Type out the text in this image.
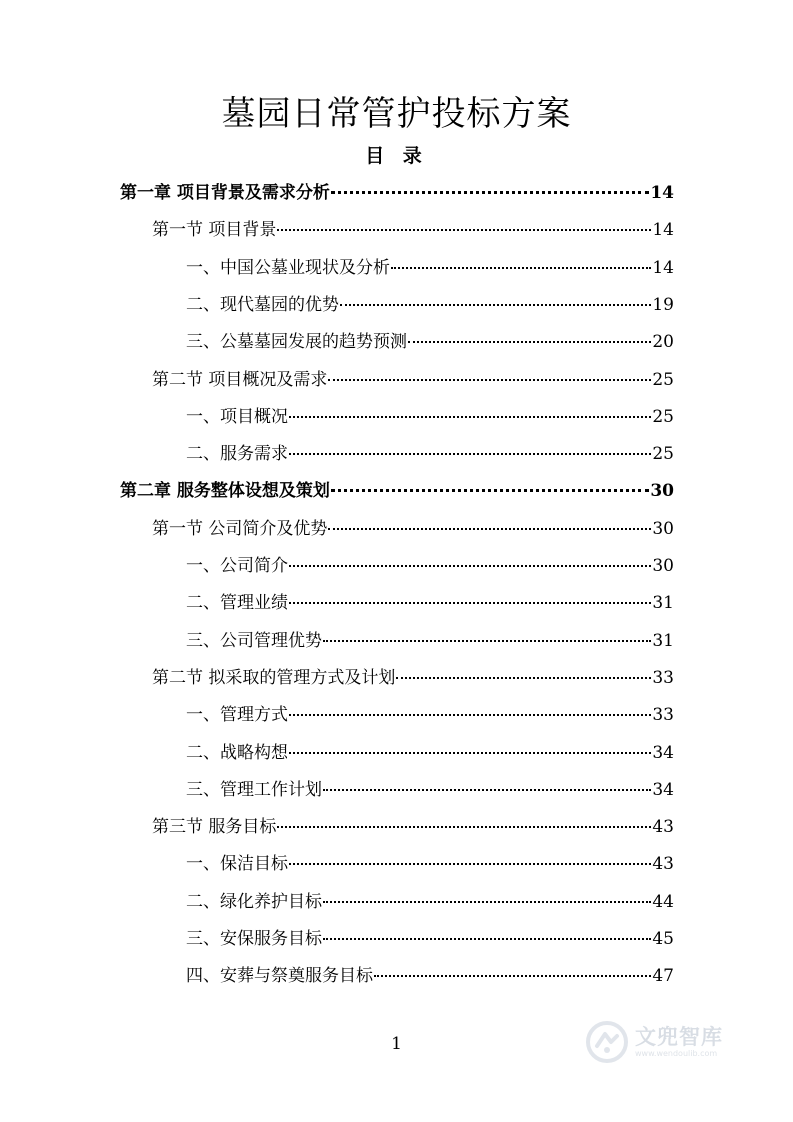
墓园日常管护投标方案
目 录
第一章 项目背景及需求分析	14
第一节 项目背景	14
一、中国公墓业现状及分析	14
二、现代墓园的优势	19
三、公墓墓园发展的趋势预测	20
第二节 项目概况及需求	25
一、项目概况	25
二、服务需求	25
第二章 服务整体设想及策划	30
第一节 公司简介及优势	30
一、公司简介	30
二、管理业绩	31
三、公司管理优势	31
第二节 拟采取的管理方式及计划	33
一、管理方式	33
二、战略构想	34
三、管理工作计划	34
第三节 服务目标	43
一、保洁目标	43
二、绿化养护目标	44
三、安保服务目标	45
四、安葬与祭奠服务目标	47
1	文兜智库
www.wendoulib.com
